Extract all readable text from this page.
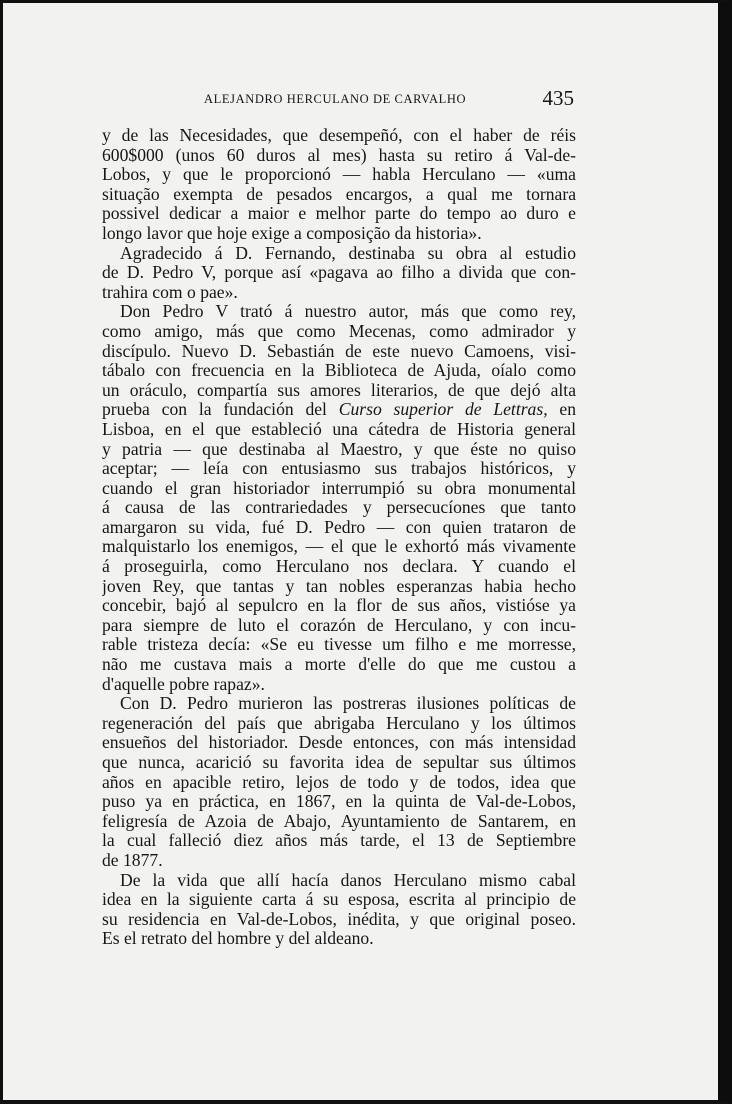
ALEJANDRO HERCULANO DE CARVALHO	435

y de las Necesidades, que desempeñó, con el haber de réis

600$000 (unos 60 duros al mes) hasta su retiro á Val-de-

Lobos, y que le proporcionó — habla Herculano — «uma

situação exempta de pesados encargos, a qual me tornara

possivel dedicar a maior e melhor parte do tempo ao duro e

longo lavor que hoje exige a composição da historia».

Agradecido á D. Fernando, destinaba su obra al estudio

de D. Pedro V, porque así «pagava ao filho a divida que con-

trahira com o pae».

Don Pedro V trató á nuestro autor, más que como rey,

como amigo, más que como Mecenas, como admirador y

discípulo. Nuevo D. Sebastián de este nuevo Camoens, visi-

tábalo con frecuencia en la Biblioteca de Ajuda, oíalo como

un oráculo, compartía sus amores literarios, de que dejó alta

prueba con la fundación del Curso superior de Lettras, en

Lisboa, en el que estableció una cátedra de Historia general

y patria — que destinaba al Maestro, y que éste no quiso

aceptar; — leía con entusiasmo sus trabajos históricos, y

cuando el gran historiador interrumpió su obra monumental

á causa de las contrariedades y persecucíones que tanto

amargaron su vida, fué D. Pedro — con quien trataron de

malquistarlo los enemigos, — el que le exhortó más vivamente

á proseguirla, como Herculano nos declara. Y cuando el

joven Rey, que tantas y tan nobles esperanzas habia hecho

concebir, bajó al sepulcro en la flor de sus años, vistióse ya

para siempre de luto el corazón de Herculano, y con incu-

rable tristeza decía: «Se eu tivesse um filho e me morresse,

não me custava mais a morte d'elle do que me custou a

d'aquelle pobre rapaz».

Con D. Pedro murieron las postreras ilusiones políticas de

regeneración del país que abrigaba Herculano y los últimos

ensueños del historiador. Desde entonces, con más intensidad

que nunca, acarició su favorita idea de sepultar sus últimos

años en apacible retiro, lejos de todo y de todos, idea que

puso ya en práctica, en 1867, en la quinta de Val-de-Lobos,

feligresía de Azoia de Abajo, Ayuntamiento de Santarem, en

la cual falleció diez años más tarde, el 13 de Septiembre

de 1877.

De la vida que allí hacía danos Herculano mismo cabal

idea en la siguiente carta á su esposa, escrita al principio de

su residencia en Val-de-Lobos, inédita, y que original poseo.

Es el retrato del hombre y del aldeano.
